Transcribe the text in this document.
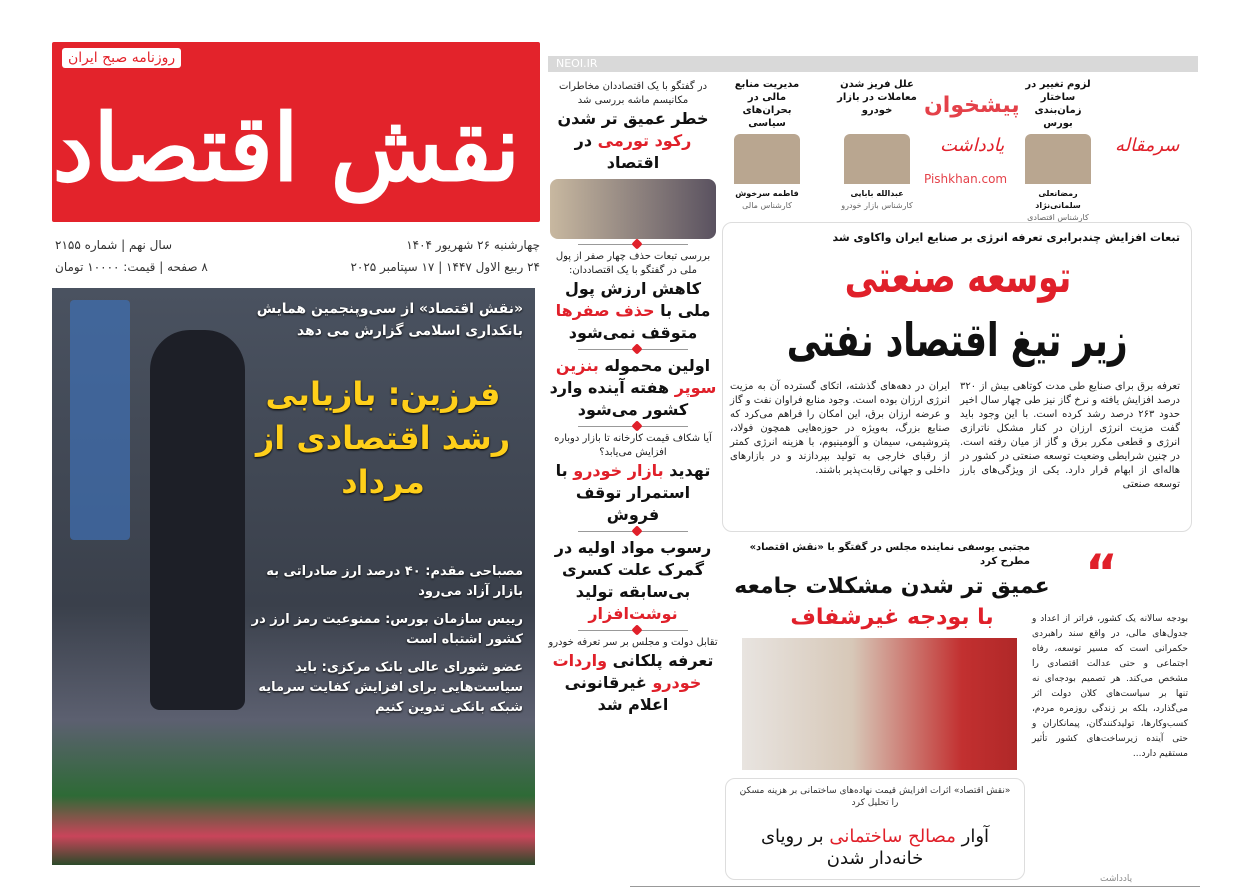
نقش اقتصاد
روزنامه صبح ایران
چهارشنبه ۲۶ شهریور ۱۴۰۴
۲۴ ربیع الاول ۱۴۴۷ | ۱۷ سپتامبر ۲۰۲۵
سال نهم | شماره ۲۱۵۵
۸ صفحه | قیمت: ۱۰۰۰۰ تومان
«نقش اقتصاد» از سی‌وپنجمین همایش بانکداری اسلامی گزارش می دهد
فرزین: بازیابی رشد اقتصادی از مرداد
مصباحی مقدم: ۴۰ درصد ارز صادراتی به بازار آزاد می‌رود
رییس سازمان بورس: ممنوعیت رمز ارز در کشور اشتباه است
عضو شورای عالی بانک مرکزی: باید سیاست‌هایی برای افزایش کفایت سرمایه شبکه بانکی تدوین کنیم
NEOI.IR
لزوم تغییر در ساختار زمان‌بندی بورس
رمضانعلی سلمانی‌نژاد
کارشناس اقتصادی
علل فریز شدن معاملات در بازار خودرو
عبدالله بابایی
کارشناس بازار خودرو
مدیریت منابع مالی در بحران‌های سیاسی
فاطمه سرخوش
کارشناس مالی
سرمقاله
یادداشت
پیشخوان
Pishkhan.com
در گفتگو با یک اقتصاددان مخاطرات مکانیسم ماشه بررسی شد
خطر عمیق تر شدن رکود تورمی در اقتصاد
بررسی تبعات حذف چهار صفر از پول ملی در گفتگو با یک اقتصاددان:
کاهش ارزش پول ملی با حذف صفرها متوقف نمی‌شود
اولین محموله بنزین سوپر هفته آینده وارد کشور می‌شود
آیا شکاف قیمت کارخانه تا بازار دوباره افزایش می‌یابد؟
تهدید بازار خودرو با استمرار توقف فروش
رسوب مواد اولیه در گمرک علت کسری بی‌سابقه تولید نوشت‌افزار
تقابل دولت و مجلس بر سر تعرفه خودرو
تعرفه پلکانی واردات خودرو غیرقانونی اعلام شد
تبعات افزایش چندبرابری تعرفه انرژی بر صنایع ایران واکاوی شد
توسعه صنعتی
زیر تیغ اقتصاد نفتی
تعرفه برق برای صنایع طی مدت کوتاهی بیش از ۳۲۰ درصد افزایش یافته و نرخ گاز نیز طی چهار سال اخیر حدود ۲۶۳ درصد رشد کرده است. با این وجود باید گفت مزیت انرژی ارزان در کنار مشکل ناترازی انرژی و قطعی مکرر برق و گاز از میان رفته است. در چنین شرایطی وضعیت توسعه صنعتی در کشور در هاله‌ای از ابهام قرار دارد. یکی از ویژگی‌های بارز توسعه صنعتی
ایران در دهه‌های گذشته، اتکای گسترده آن به مزیت انرژی ارزان بوده است. وجود منابع فراوان نفت و گاز و عرضه ارزان برق، این امکان را فراهم می‌کرد که صنایع بزرگ، به‌ویژه در حوزه‌هایی همچون فولاد، پتروشیمی، سیمان و آلومینیوم، با هزینه انرژی کمتر از رقبای خارجی به تولید بپردازند و در بازارهای داخلی و جهانی رقابت‌پذیر باشند.
مجتبی یوسفی نماینده مجلس در گفتگو با «نقش اقتصاد» مطرح کرد
عمیق تر شدن مشکلات جامعه
با بودجه غیرشفاف
“
بودجه سالانه یک کشور، فراتر از اعداد و جدول‌های مالی، در واقع سند راهبردی حکمرانی است که مسیر توسعه، رفاه اجتماعی و حتی عدالت اقتصادی را مشخص می‌کند. هر تصمیم بودجه‌ای نه تنها بر سیاست‌های کلان دولت اثر می‌گذارد، بلکه بر زندگی روزمره مردم، کسب‌وکارها، تولیدکنندگان، پیمانکاران و حتی آینده زیرساخت‌های کشور تأثیر مستقیم دارد...
«نقش اقتصاد» اثرات افزایش قیمت نهاده‌های ساختمانی بر هزینه مسکن را تحلیل کرد
آوار مصالح ساختمانی بر رویای خانه‌دار شدن
یادداشت
